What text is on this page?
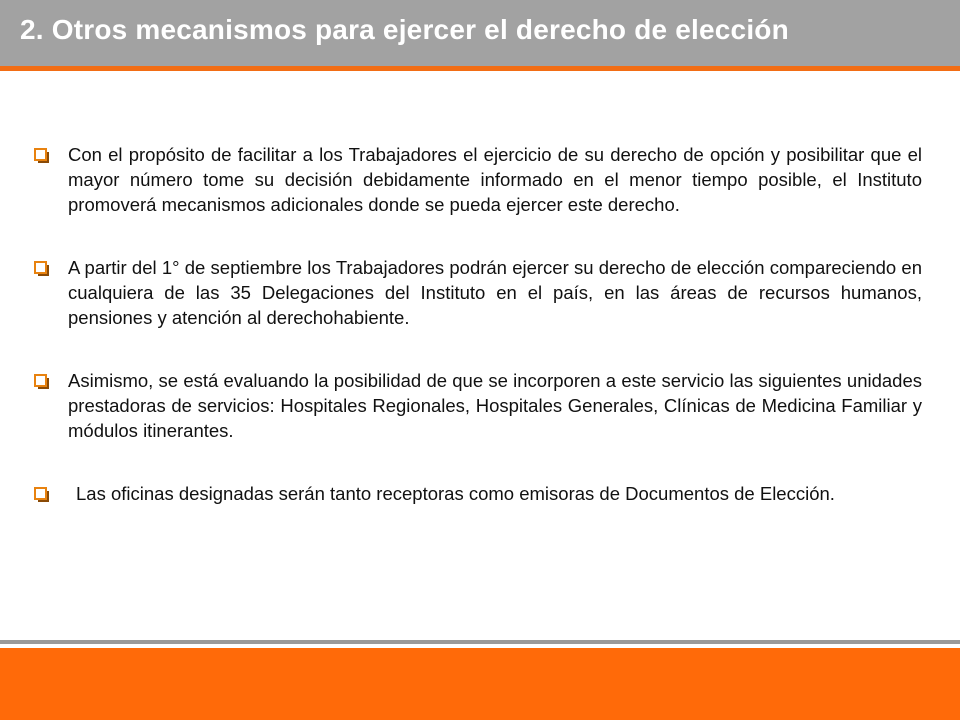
2. Otros mecanismos para ejercer el derecho de elección

Con el propósito de facilitar a los Trabajadores el ejercicio de su derecho de opción y posibilitar que el mayor número tome su decisión debidamente informado en el menor tiempo posible, el Instituto promoverá mecanismos adicionales donde se pueda ejercer este derecho.

A partir del 1° de septiembre los Trabajadores podrán ejercer su derecho de elección compareciendo en cualquiera de las 35 Delegaciones del Instituto en el país, en las áreas de recursos humanos, pensiones y atención al derechohabiente.

Asimismo, se está evaluando la posibilidad de que se incorporen a este servicio las siguientes unidades prestadoras de servicios: Hospitales Regionales, Hospitales Generales, Clínicas de Medicina Familiar y módulos itinerantes.

Las oficinas designadas serán tanto receptoras como emisoras de Documentos de Elección.
